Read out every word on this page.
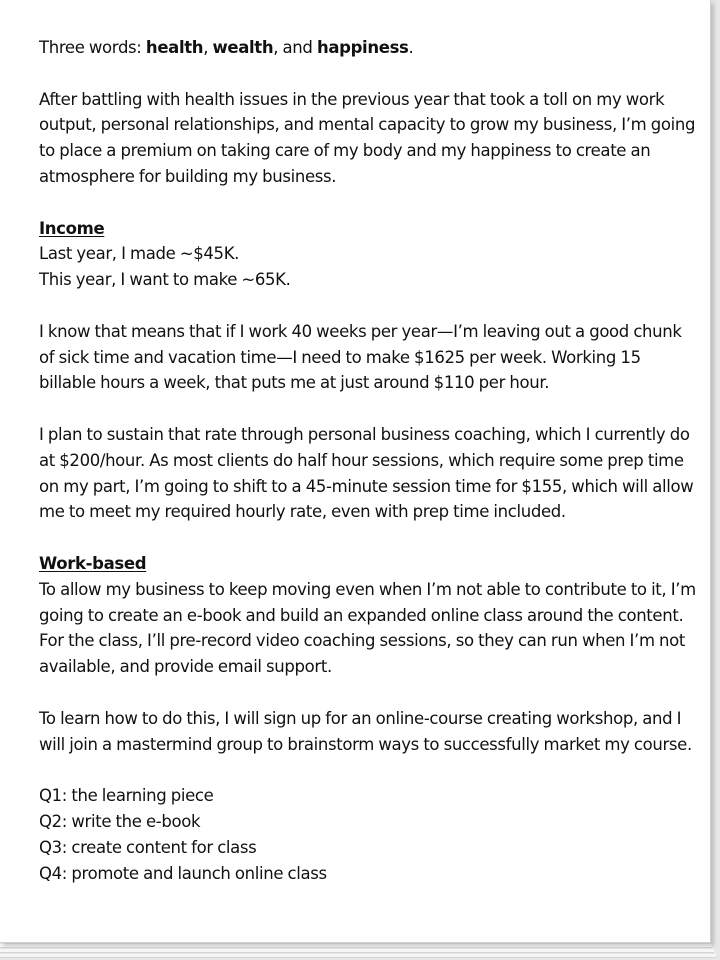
Three words: health, wealth, and happiness.

After battling with health issues in the previous year that took a toll on my work output, personal relationships, and mental capacity to grow my business, I’m going to place a premium on taking care of my body and my happiness to create an atmosphere for building my business.

Income

Last year, I made ~$45K.

This year, I want to make ~65K.

I know that means that if I work 40 weeks per year—I’m leaving out a good chunk of sick time and vacation time—I need to make $1625 per week. Working 15 billable hours a week, that puts me at just around $110 per hour.

I plan to sustain that rate through personal business coaching, which I currently do at $200/hour. As most clients do half hour sessions, which require some prep time on my part, I’m going to shift to a 45-minute session time for $155, which will allow me to meet my required hourly rate, even with prep time included.

Work-based

To allow my business to keep moving even when I’m not able to contribute to it, I’m going to create an e-book and build an expanded online class around the content. For the class, I’ll pre-record video coaching sessions, so they can run when I’m not available, and provide email support.

To learn how to do this, I will sign up for an online-course creating workshop, and I will join a mastermind group to brainstorm ways to successfully market my course.

Q1: the learning piece

Q2: write the e-book

Q3: create content for class

Q4: promote and launch online class
